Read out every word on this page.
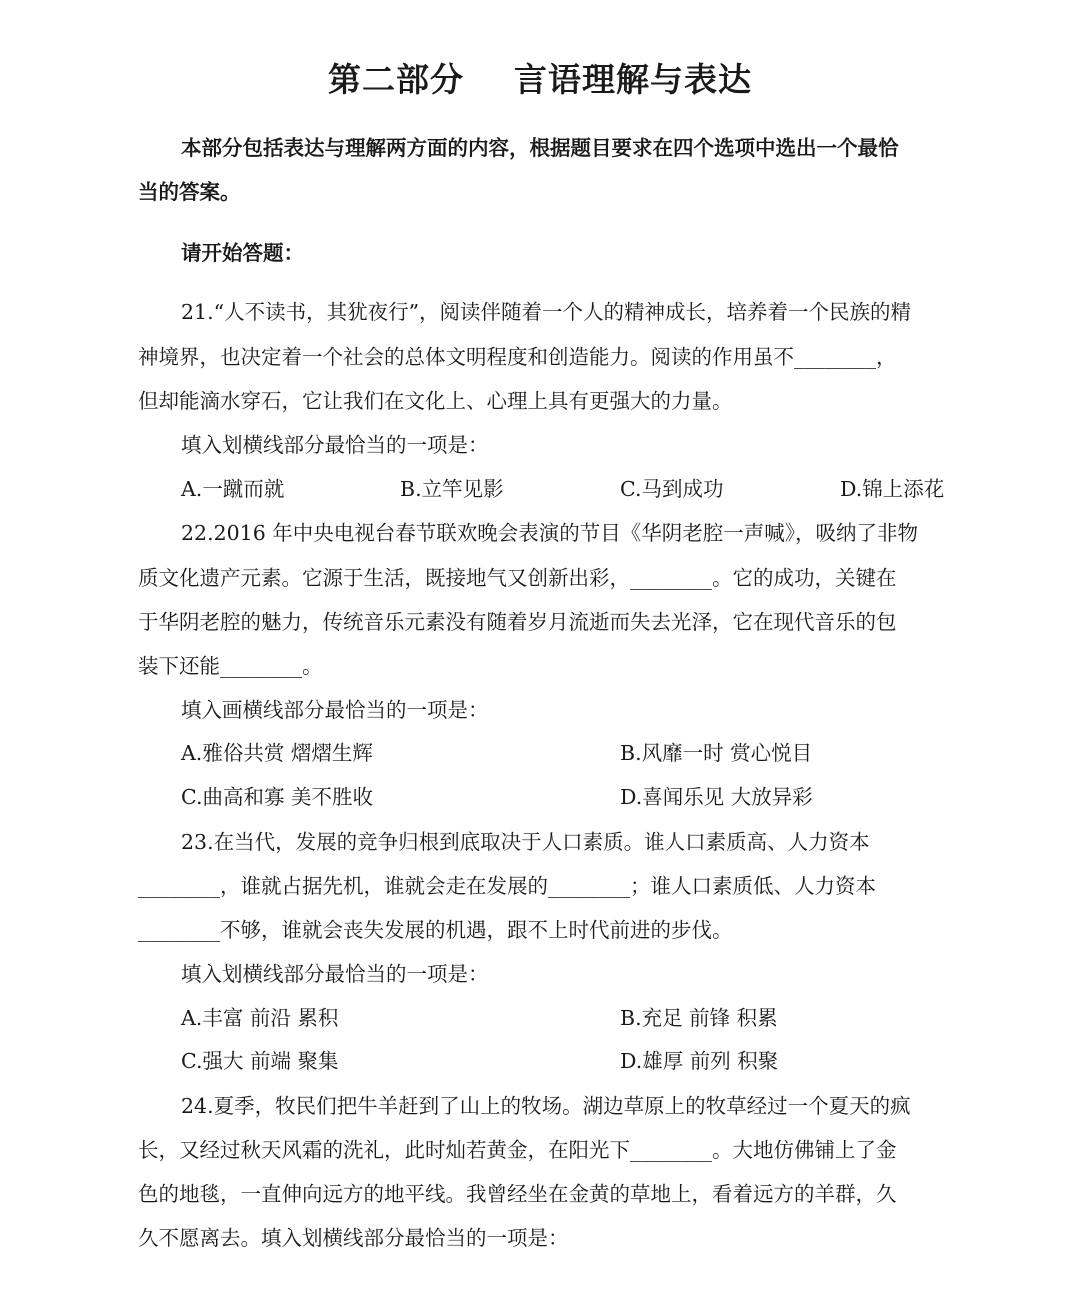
第二部分    言语理解与表达
本部分包括表达与理解两方面的内容，根据题目要求在四个选项中选出一个最恰
当的答案。
请开始答题：
21.“人不读书，其犹夜行”，阅读伴随着一个人的精神成长，培养着一个民族的精
神境界，也决定着一个社会的总体文明程度和创造能力。阅读的作用虽不________，
但却能滴水穿石，它让我们在文化上、心理上具有更强大的力量。
填入划横线部分最恰当的一项是：
A.一蹴而就	B.立竿见影	C.马到成功	D.锦上添花
22.2016 年中央电视台春节联欢晚会表演的节目《华阴老腔一声喊》，吸纳了非物
质文化遗产元素。它源于生活，既接地气又创新出彩，________。它的成功，关键在
于华阴老腔的魅力，传统音乐元素没有随着岁月流逝而失去光泽，它在现代音乐的包
装下还能________。
填入画横线部分最恰当的一项是：
A.雅俗共赏 熠熠生辉	B.风靡一时 赏心悦目
C.曲高和寡 美不胜收	D.喜闻乐见 大放异彩
23.在当代，发展的竞争归根到底取决于人口素质。谁人口素质高、人力资本
________，谁就占据先机，谁就会走在发展的________；谁人口素质低、人力资本
________不够，谁就会丧失发展的机遇，跟不上时代前进的步伐。
填入划横线部分最恰当的一项是：
A.丰富 前沿 累积	B.充足 前锋 积累
C.强大 前端 聚集	D.雄厚 前列 积聚
24.夏季，牧民们把牛羊赶到了山上的牧场。湖边草原上的牧草经过一个夏天的疯
长，又经过秋天风霜的洗礼，此时灿若黄金，在阳光下________。大地仿佛铺上了金
色的地毯，一直伸向远方的地平线。我曾经坐在金黄的草地上，看着远方的羊群，久
久不愿离去。填入划横线部分最恰当的一项是：
